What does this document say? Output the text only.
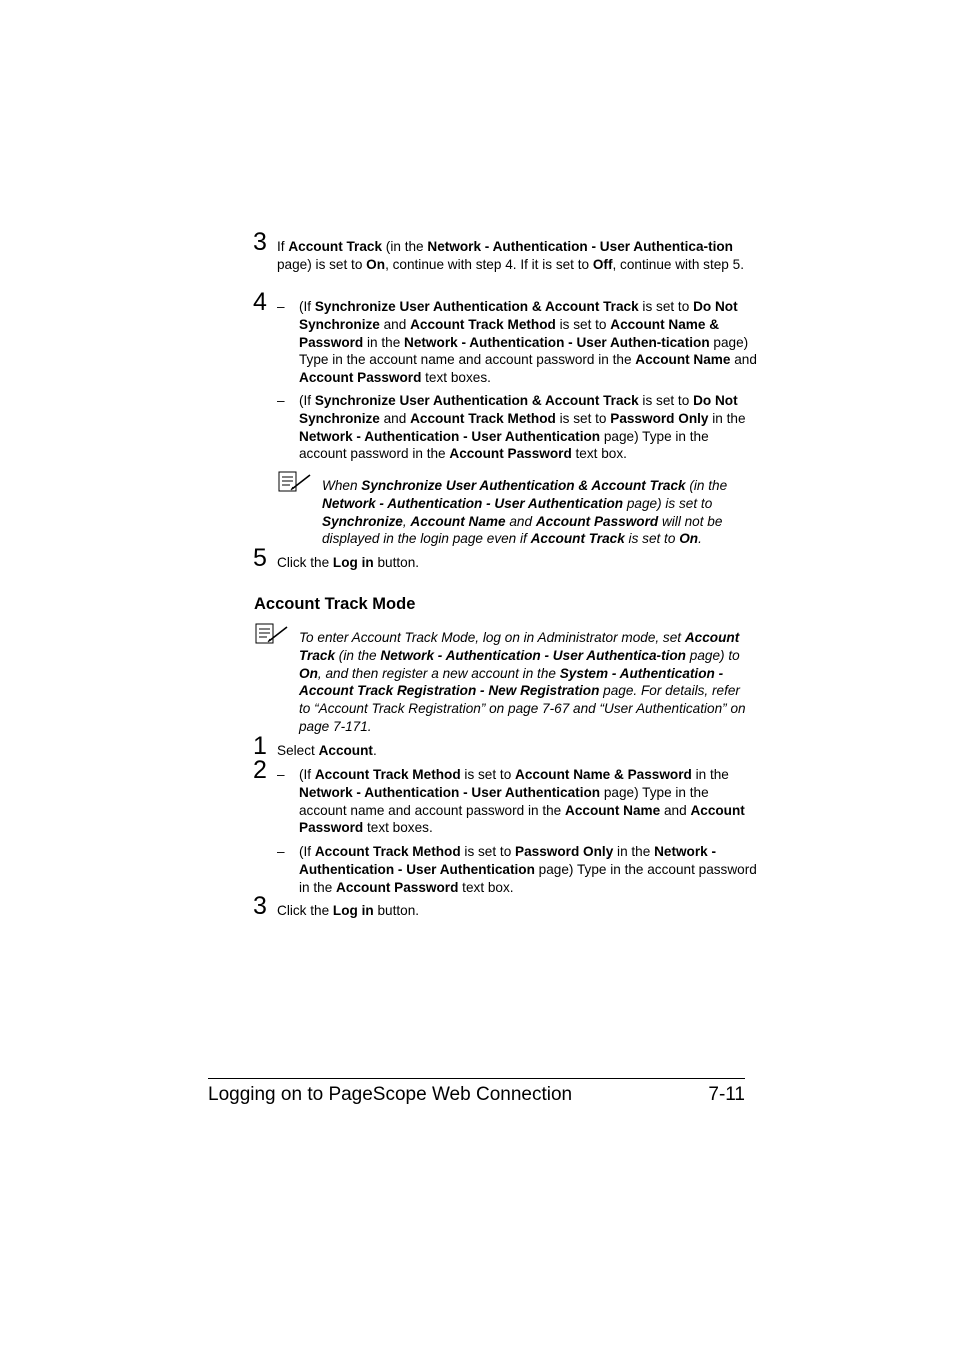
3 If Account Track (in the Network - Authentication - User Authentica-tion page) is set to On, continue with step 4. If it is set to Off, continue with step 5.
4 – (If Synchronize User Authentication & Account Track is set to Do Not Synchronize and Account Track Method is set to Account Name & Password in the Network - Authentication - User Authen-tication page) Type in the account name and account password in the Account Name and Account Password text boxes.
– (If Synchronize User Authentication & Account Track is set to Do Not Synchronize and Account Track Method is set to Password Only in the Network - Authentication - User Authentication page) Type in the account password in the Account Password text box.
When Synchronize User Authentication & Account Track (in the Network - Authentication - User Authentication page) is set to Synchronize, Account Name and Account Password will not be displayed in the login page even if Account Track is set to On.
5 Click the Log in button.
Account Track Mode
To enter Account Track Mode, log on in Administrator mode, set Account Track (in the Network - Authentication - User Authentica-tion page) to On, and then register a new account in the System - Authentication - Account Track Registration - New Registration page. For details, refer to “Account Track Registration” on page 7-67 and “User Authentication” on page 7-171.
1 Select Account.
2 – (If Account Track Method is set to Account Name & Password in the Network - Authentication - User Authentication page) Type in the account name and account password in the Account Name and Account Password text boxes.
– (If Account Track Method is set to Password Only in the Network - Authentication - User Authentication page) Type in the account password in the Account Password text box.
3 Click the Log in button.
Logging on to PageScope Web Connection	7-11
